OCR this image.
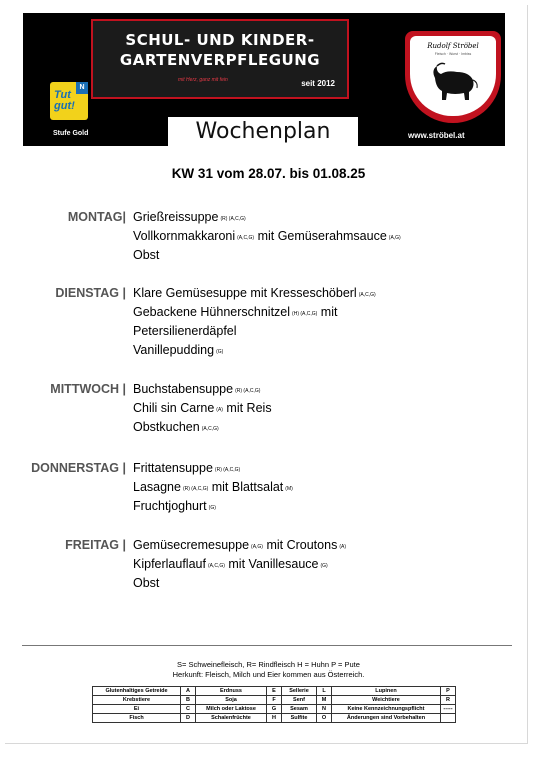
SCHUL- UND KINDER-
GARTENVERPFLEGUNG
mit Herz, ganz mit fein	seit 2012
N
Tut gut!
Stufe Gold	Wochenplan
Rudolf Ströbel
Fleisch · Wurst · Imbiss
www.ströbel.at
KW 31 vom 28.07. bis 01.08.25
MONTAG| Grießreissuppe (R) (A,C,G)
Vollkornmakkaroni (A,C,G) mit Gemüserahmsauce (A,G)
Obst
DIENSTAG | Klare Gemüsesuppe mit Kresseschöberl (A,C,G)
Gebackene Hühnerschnitzel (H) (A,C,G) mit
Petersilienerdäpfel
Vanillepudding (G)
MITTWOCH | Buchstabensuppe (R) (A,C,G)
Chili sin Carne (A) mit Reis
Obstkuchen (A,C,G)
DONNERSTAG | Frittatensuppe (R) (A,C,G)
Lasagne (R) (A,C,G) mit Blattsalat (M)
Fruchtjoghurt (G)
FREITAG | Gemüsecremesuppe (A,G) mit Croutons (A)
Kipferlauflauf (A,C,G) mit Vanillesauce (G)
Obst
S= Schweinefleisch, R= Rindfleisch H = Huhn P = Pute
Herkunft: Fleisch, Milch und Eier kommen aus Österreich.
Glutenhaltiges Getreide	A	Erdnuss	E	Sellerie	L	Lupinen	P
Krebstiere	B	Soja	F	Senf	M	Weichtiere	R
Ei	C	Milch oder Laktose	G	Sesam	N	Keine Kennzeichnungspflicht	-----
Fisch	D	Schalenfrüchte	H	Sulfite	O	Änderungen sind Vorbehalten	
